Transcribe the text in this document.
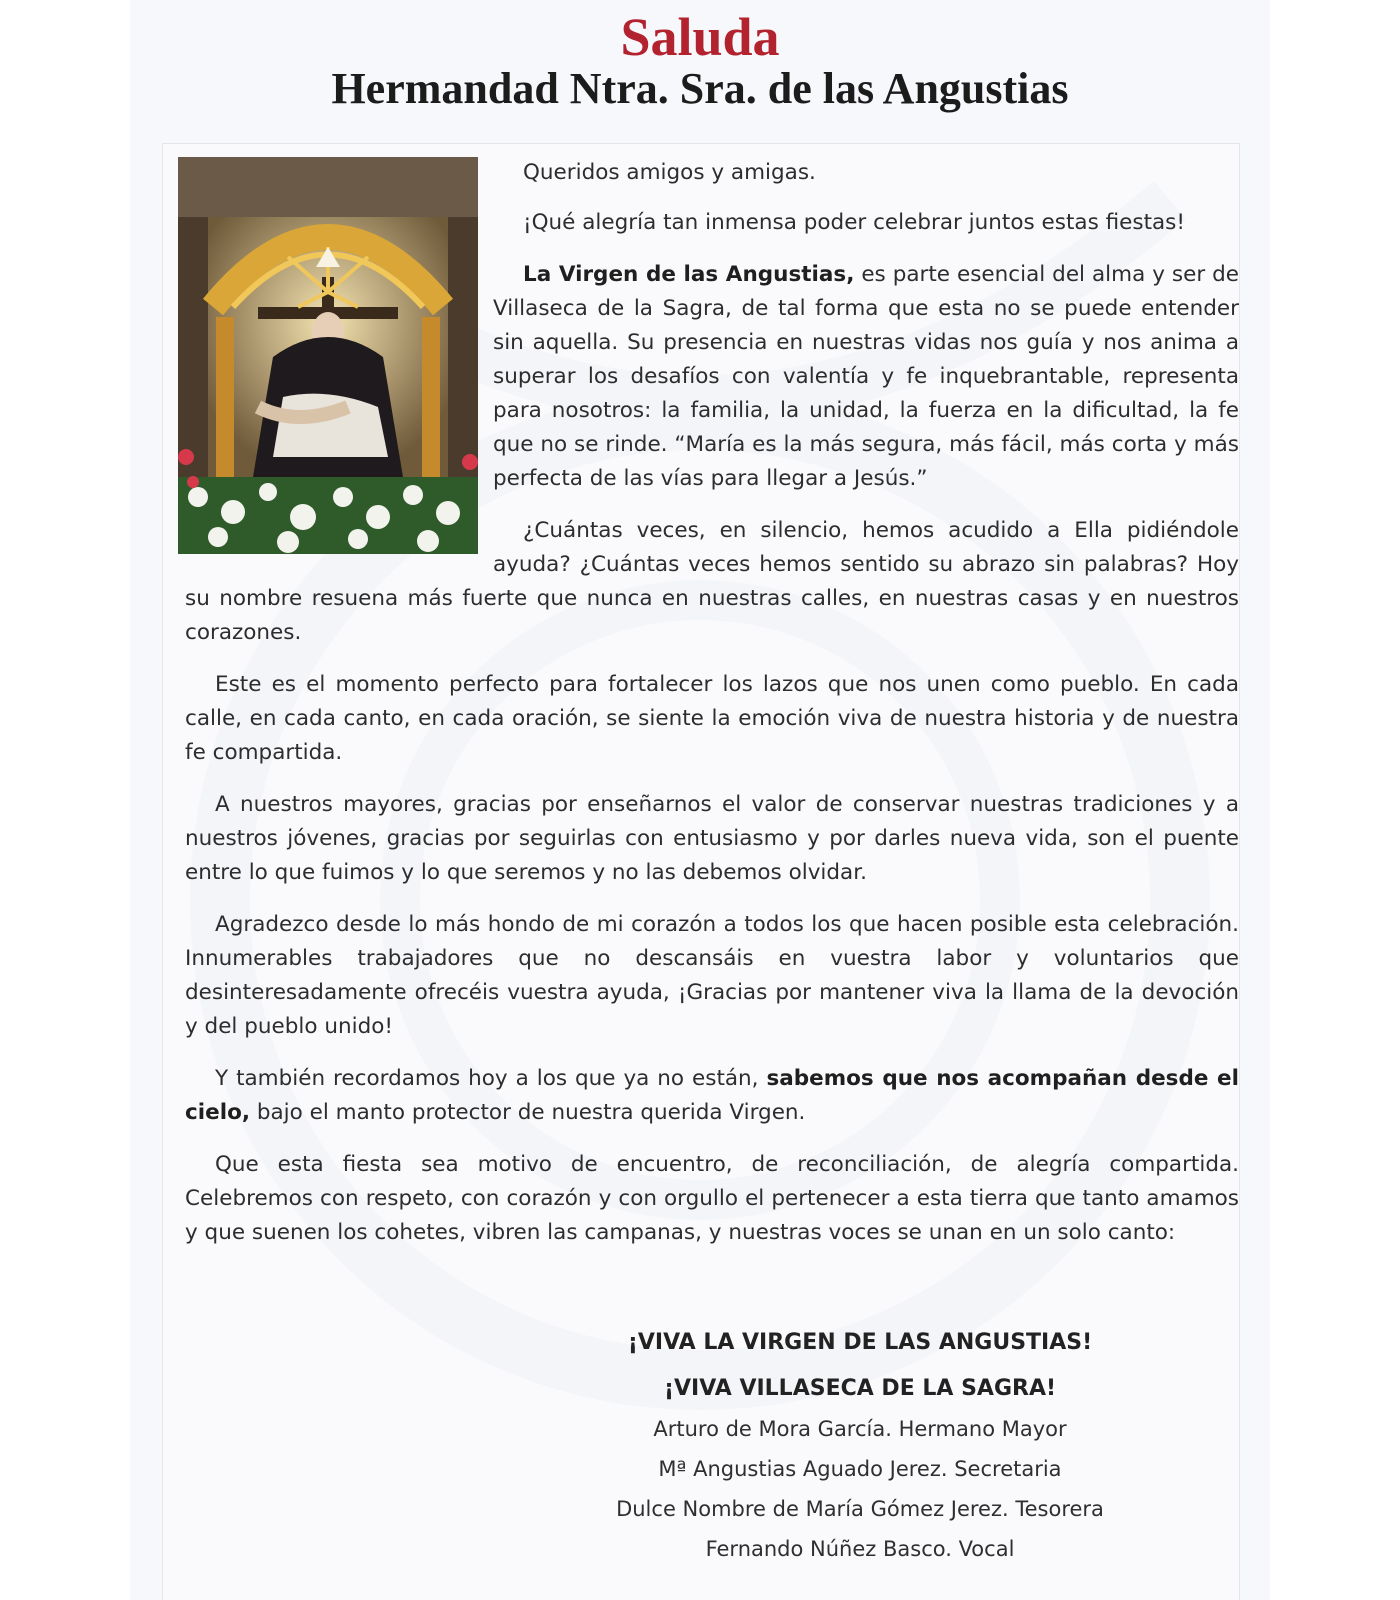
Saluda
Hermandad Ntra. Sra. de las Angustias

Queridos amigos y amigas.

¡Qué alegría tan inmensa poder celebrar juntos estas fiestas!

La Virgen de las Angustias, es parte esencial del alma y ser de Villaseca de la Sagra, de tal forma que esta no se puede entender sin aquella. Su presencia en nuestras vidas nos guía y nos anima a superar los desafíos con valentía y fe inquebrantable, representa para nosotros: la familia, la unidad, la fuerza en la dificultad, la fe que no se rinde. “María es la más segura, más fácil, más corta y más perfecta de las vías para llegar a Jesús.”

¿Cuántas veces, en silencio, hemos acudido a Ella pidiéndole ayuda? ¿Cuántas veces hemos sentido su abrazo sin palabras? Hoy su nombre resuena más fuerte que nunca en nuestras calles, en nuestras casas y en nuestros corazones.

Este es el momento perfecto para fortalecer los lazos que nos unen como pueblo. En cada calle, en cada canto, en cada oración, se siente la emoción viva de nuestra historia y de nuestra fe compartida.

A nuestros mayores, gracias por enseñarnos el valor de conservar nuestras tradiciones y a nuestros jóvenes, gracias por seguirlas con entusiasmo y por darles nueva vida, son el puente entre lo que fuimos y lo que seremos y no las debemos olvidar.

Agradezco desde lo más hondo de mi corazón a todos los que hacen posible esta celebración. Innumerables trabajadores que no descansáis en vuestra labor y voluntarios que desinteresadamente ofrecéis vuestra ayuda, ¡Gracias por mantener viva la llama de la devoción y del pueblo unido!

Y también recordamos hoy a los que ya no están, sabemos que nos acompañan desde el cielo, bajo el manto protector de nuestra querida Virgen.

Que esta fiesta sea motivo de encuentro, de reconciliación, de alegría compartida. Celebremos con respeto, con corazón y con orgullo el pertenecer a esta tierra que tanto amamos y que suenen los cohetes, vibren las campanas, y nuestras voces se unan en un solo canto:

¡VIVA LA VIRGEN DE LAS ANGUSTIAS!
¡VIVA VILLASECA DE LA SAGRA!
Arturo de Mora García. Hermano Mayor
Mª Angustias Aguado Jerez. Secretaria
Dulce Nombre de María Gómez Jerez. Tesorera
Fernando Núñez Basco. Vocal
